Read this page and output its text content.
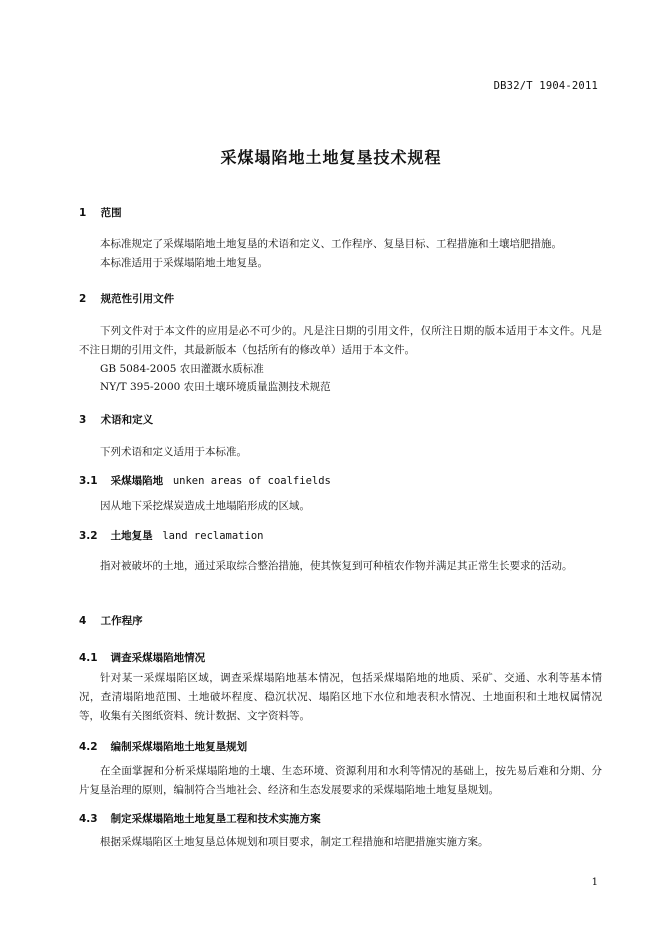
DB32/T 1904-2011
采煤塌陷地土地复垦技术规程
1 范围
本标准规定了采煤塌陷地土地复垦的术语和定义、工作程序、复垦目标、工程措施和土壤培肥措施。
本标准适用于采煤塌陷地土地复垦。
2 规范性引用文件
下列文件对于本文件的应用是必不可少的。凡是注日期的引用文件，仅所注日期的版本适用于本文件。凡是不注日期的引用文件，其最新版本（包括所有的修改单）适用于本文件。
GB 5084-2005 农田灌溉水质标准
NY/T 395-2000 农田土壤环境质量监测技术规范
3 术语和定义
下列术语和定义适用于本标准。
3.1 采煤塌陷地 unken areas of coalfields
因从地下采挖煤炭造成土地塌陷形成的区域。
3.2 土地复垦 land reclamation
指对被破坏的土地，通过采取综合整治措施，使其恢复到可种植农作物并满足其正常生长要求的活动。
4 工作程序
4.1 调查采煤塌陷地情况
针对某一采煤塌陷区域，调查采煤塌陷地基本情况，包括采煤塌陷地的地质、采矿、交通、水利等基本情况，查清塌陷地范围、土地破坏程度、稳沉状况、塌陷区地下水位和地表积水情况、土地面积和土地权属情况等，收集有关图纸资料、统计数据、文字资料等。
4.2 编制采煤塌陷地土地复垦规划
在全面掌握和分析采煤塌陷地的土壤、生态环境、资源利用和水利等情况的基础上，按先易后难和分期、分片复垦治理的原则，编制符合当地社会、经济和生态发展要求的采煤塌陷地土地复垦规划。
4.3 制定采煤塌陷地土地复垦工程和技术实施方案
根据采煤塌陷区土地复垦总体规划和项目要求，制定工程措施和培肥措施实施方案。
1
